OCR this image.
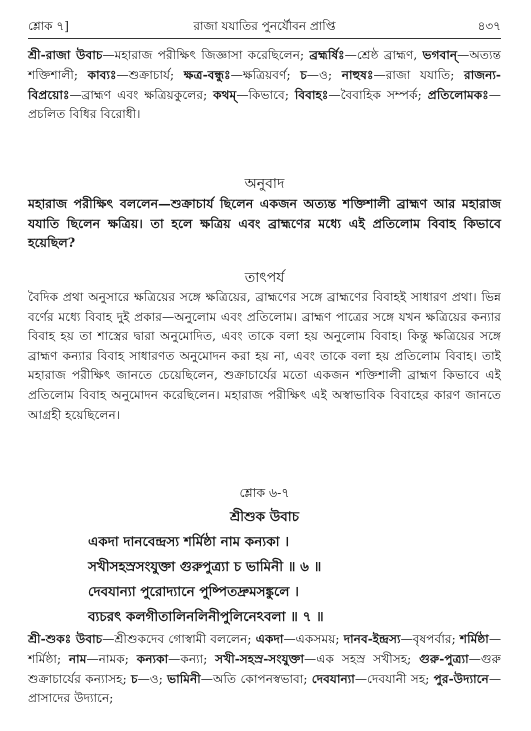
শ্লোক ৭]	রাজা যযাতির পুনর্যৌবন প্রাপ্তি	৪৩৭

শ্রী-রাজা উবাচ—মহারাজ পরীক্ষিৎ জিজ্ঞাসা করেছিলেন; ব্রহ্মর্ষিঃ—শ্রেষ্ঠ ব্রাহ্মণ, ভগবান্—অত্যন্ত শক্তিশালী; কাব্যঃ—শুক্রাচার্য; ক্ষত্র-বন্ধুঃ—ক্ষত্রিয়বর্ণ; চ—ও; নাহুষঃ—রাজা যযাতি; রাজন্য-বিপ্রয়োঃ—ব্রাহ্মণ এবং ক্ষত্রিয়কুলের; কথম্—কিভাবে; বিবাহঃ—বৈবাহিক সম্পর্ক; প্রতিলোমকঃ—প্রচলিত বিধির বিরোধী।

অনুবাদ

মহারাজ পরীক্ষিৎ বললেন—শুক্রাচার্য ছিলেন একজন অত্যন্ত শক্তিশালী ব্রাহ্মণ আর মহারাজ যযাতি ছিলেন ক্ষত্রিয়। তা হলে ক্ষত্রিয় এবং ব্রাহ্মণের মধ্যে এই প্রতিলোম বিবাহ কিভাবে হয়েছিল?

তাৎপর্য

বৈদিক প্রথা অনুসারে ক্ষত্রিয়ের সঙ্গে ক্ষত্রিয়ের, ব্রাহ্মণের সঙ্গে ব্রাহ্মণের বিবাহই সাধারণ প্রথা। ভিন্ন বর্ণের মধ্যে বিবাহ দুই প্রকার—অনুলোম এবং প্রতিলোম। ব্রাহ্মণ পাত্রের সঙ্গে যখন ক্ষত্রিয়ের কন্যার বিবাহ হয় তা শাস্ত্রের দ্বারা অনুমোদিত, এবং তাকে বলা হয় অনুলোম বিবাহ। কিন্তু ক্ষত্রিয়ের সঙ্গে ব্রাহ্মণ কন্যার বিবাহ সাধারণত অনুমোদন করা হয় না, এবং তাকে বলা হয় প্রতিলোম বিবাহ। তাই মহারাজ পরীক্ষিৎ জানতে চেয়েছিলেন, শুক্রাচার্যের মতো একজন শক্তিশালী ব্রাহ্মণ কিভাবে এই প্রতিলোম বিবাহ অনুমোদন করেছিলেন। মহারাজ পরীক্ষিৎ এই অস্বাভাবিক বিবাহের কারণ জানতে আগ্রহী হয়েছিলেন।

শ্লোক ৬-৭
শ্রীশুক উবাচ
একদা দানবেন্দ্রস্য শর্মিষ্ঠা নাম কন্যকা ।
সখীসহস্রসংযুক্তা গুরুপুত্র্যা চ ভামিনী ॥ ৬ ॥
দেবযান্যা পুরোদ্যানে পুষ্পিতদ্রুমসঙ্কুলে ।
ব্যচরৎ কলগীতালিনলিনীপুলিনেঽবলা ॥ ৭ ॥

শ্রী-শুকঃ উবাচ—শ্রীশুকদেব গোস্বামী বললেন; একদা—একসময়; দানব-ইন্দ্রস্য—বৃষপর্বার; শর্মিষ্ঠা—শর্মিষ্ঠা; নাম—নামক; কন্যকা—কন্যা; সখী-সহস্র-সংযুক্তা—এক সহস্র সখীসহ; গুরু-পুত্র্যা—গুরু শুক্রাচার্যের কন্যাসহ; চ—ও; ভামিনী—অতি কোপনস্বভাবা; দেবযান্যা—দেবযানী সহ; পুর-উদ্যানে—প্রাসাদের উদ্যানে;
